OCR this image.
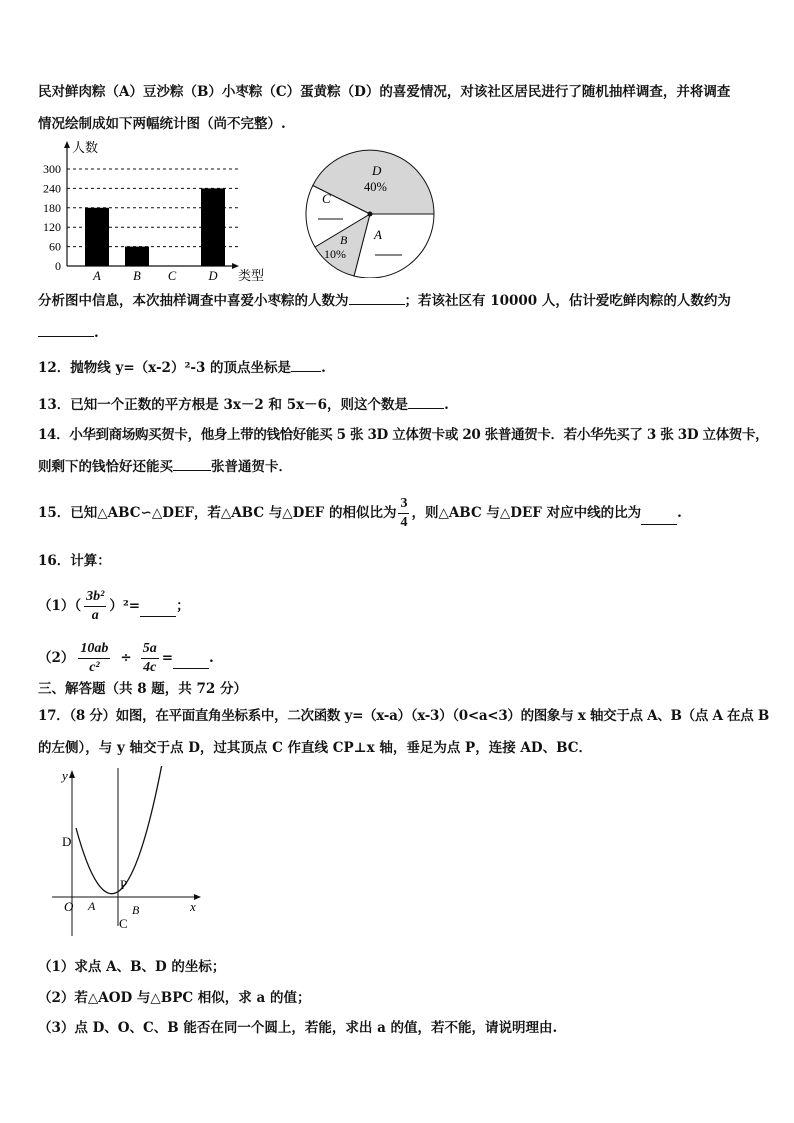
民对鲜肉粽（A）豆沙粽（B）小枣粽（C）蛋黄粽（D）的喜爱情况，对该社区居民进行了随机抽样调查，并将调查
情况绘制成如下两幅统计图（尚不完整）.
人数
类型
300
240
180
120
60
0
A	B C	D
D
40%
C
A
B
10%
分析图中信息，本次抽样调查中喜爱小枣粽的人数为	；若该社区有 10000 人，估计爱吃鲜肉粽的人数约为
.
12．抛物线 y=（x-2）²-3 的顶点坐标是 .
13．已知一个正数的平方根是 3x－2 和 5x－6，则这个数是	.
14．小华到商场购买贺卡，他身上带的钱恰好能买 5 张 3D 立体贺卡或 20 张普通贺卡．若小华先买了 3 张 3D 立体贺卡，
则剩下的钱恰好还能买	张普通贺卡．
15．已知△ABC∽△DEF，若△ABC 与△DEF 的相似比为 $\frac{3}{4}$ ，则△ABC 与△DEF 对应中线的比为	.
16．计算：
$(1)( \frac{\text{3b²}}{a} )^2=$	；
$(2) \frac{10ab}{\text{c²}} \div \frac{5a}{4c}$ =	.
三、解答题（共 8 题，共 72 分）
17．（8 分）如图，在平面直角坐标系中，二次函数 y=（x-a）（x-3）（0<a<3）的图象与 x 轴交于点 A、B（点 A 在点 B
的左侧），与 y 轴交于点 D，过其顶点 C 作直线 CP⊥x 轴，垂足为点 P，连接 AD、BC．
y
x
D
P
O A	B
C
（1）求点 A、B、D 的坐标；
（2）若△AOD 与△BPC 相似，求 a 的值；
（3）点 D、O、C、B 能否在同一个圆上，若能，求出 a 的值，若不能，请说明理由.
